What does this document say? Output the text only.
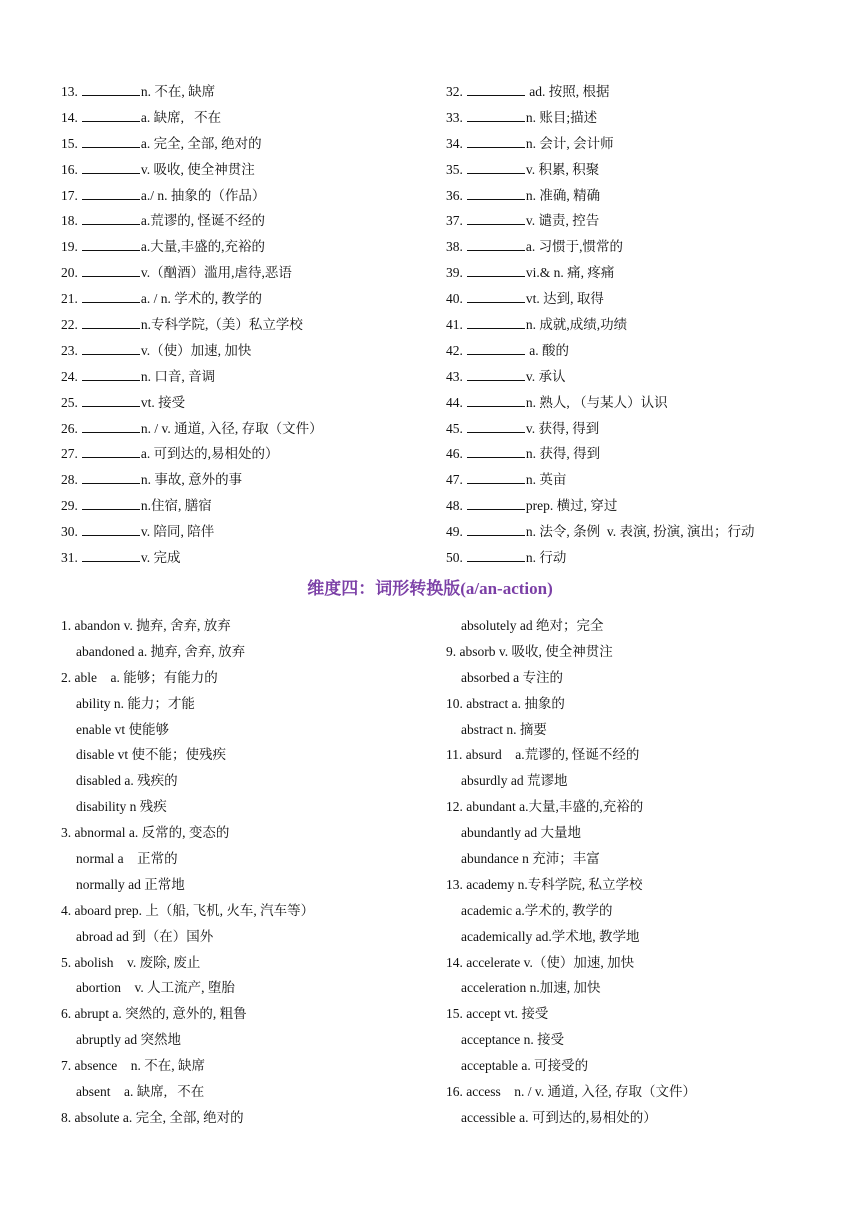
13.	n. 不在, 缺席
14.	a. 缺席,   不在
15.	a. 完全, 全部, 绝对的
16.	v. 吸收, 使全神贯注
17.	a./ n. 抽象的（作品）
18.	a.荒谬的, 怪诞不经的
19.	a.大量,丰盛的,充裕的
20.	v.（酗酒）滥用,虐待,恶语
21.	a. / n. 学术的, 教学的
22.	n.专科学院,（美）私立学校
23.	v.（使）加速, 加快
24.	n. 口音, 音调
25.	vt. 接受
26.	n. / v. 通道, 入径, 存取（文件）
27.	a. 可到达的,易相处的）
28.	n. 事故, 意外的事
29.	n.住宿, 膳宿
30.	v. 陪同, 陪伴
31.	v. 完成
32.	ad. 按照, 根据
33.	n. 账目;描述
34.	n. 会计, 会计师
35.	v. 积累, 积聚
36.	n. 准确, 精确
37.	v. 谴责, 控告
38.	a. 习惯于,惯常的
39.	vi.& n. 痛, 疼痛
40.	vt. 达到, 取得
41.	n. 成就,成绩,功绩
42.	a. 酸的
43.	v. 承认
44.	n. 熟人, （与某人）认识
45.	v. 获得, 得到
46.	n. 获得, 得到
47.	n. 英亩
48.	prep. 横过, 穿过
49.	n. 法令, 条例  v. 表演, 扮演, 演出；行动
50.	n. 行动
维度四：词形转换版(a/an-action)
1. abandon v. 抛弃, 舍弃, 放弃
abandoned a. 抛弃, 舍弃, 放弃
2. able    a. 能够；有能力的
ability n. 能力；才能
enable vt 使能够
disable vt 使不能；使残疾
disabled a. 残疾的
disability n 残疾
3. abnormal a. 反常的, 变态的
normal a    正常的
normally ad 正常地
4. aboard prep. 上（船, 飞机, 火车, 汽车等）
abroad ad 到（在）国外
5. abolish    v. 废除, 废止
abortion    v. 人工流产, 堕胎
6. abrupt a. 突然的, 意外的, 粗鲁
abruptly ad 突然地
7. absence    n. 不在, 缺席
absent    a. 缺席,   不在
8. absolute a. 完全, 全部, 绝对的
absolutely ad 绝对；完全
9. absorb v. 吸收, 使全神贯注
absorbed a 专注的
10. abstract a. 抽象的
abstract n. 摘要
11. absurd    a.荒谬的, 怪诞不经的
absurdly ad 荒谬地
12. abundant a.大量,丰盛的,充裕的
abundantly ad 大量地
abundance n 充沛；丰富
13. academy n.专科学院, 私立学校
academic a.学术的, 教学的
academically ad.学术地, 教学地
14. accelerate v.（使）加速, 加快
acceleration n.加速, 加快
15. accept vt. 接受
acceptance n. 接受
acceptable a. 可接受的
16. access    n. / v. 通道, 入径, 存取（文件）
accessible a. 可到达的,易相处的）
